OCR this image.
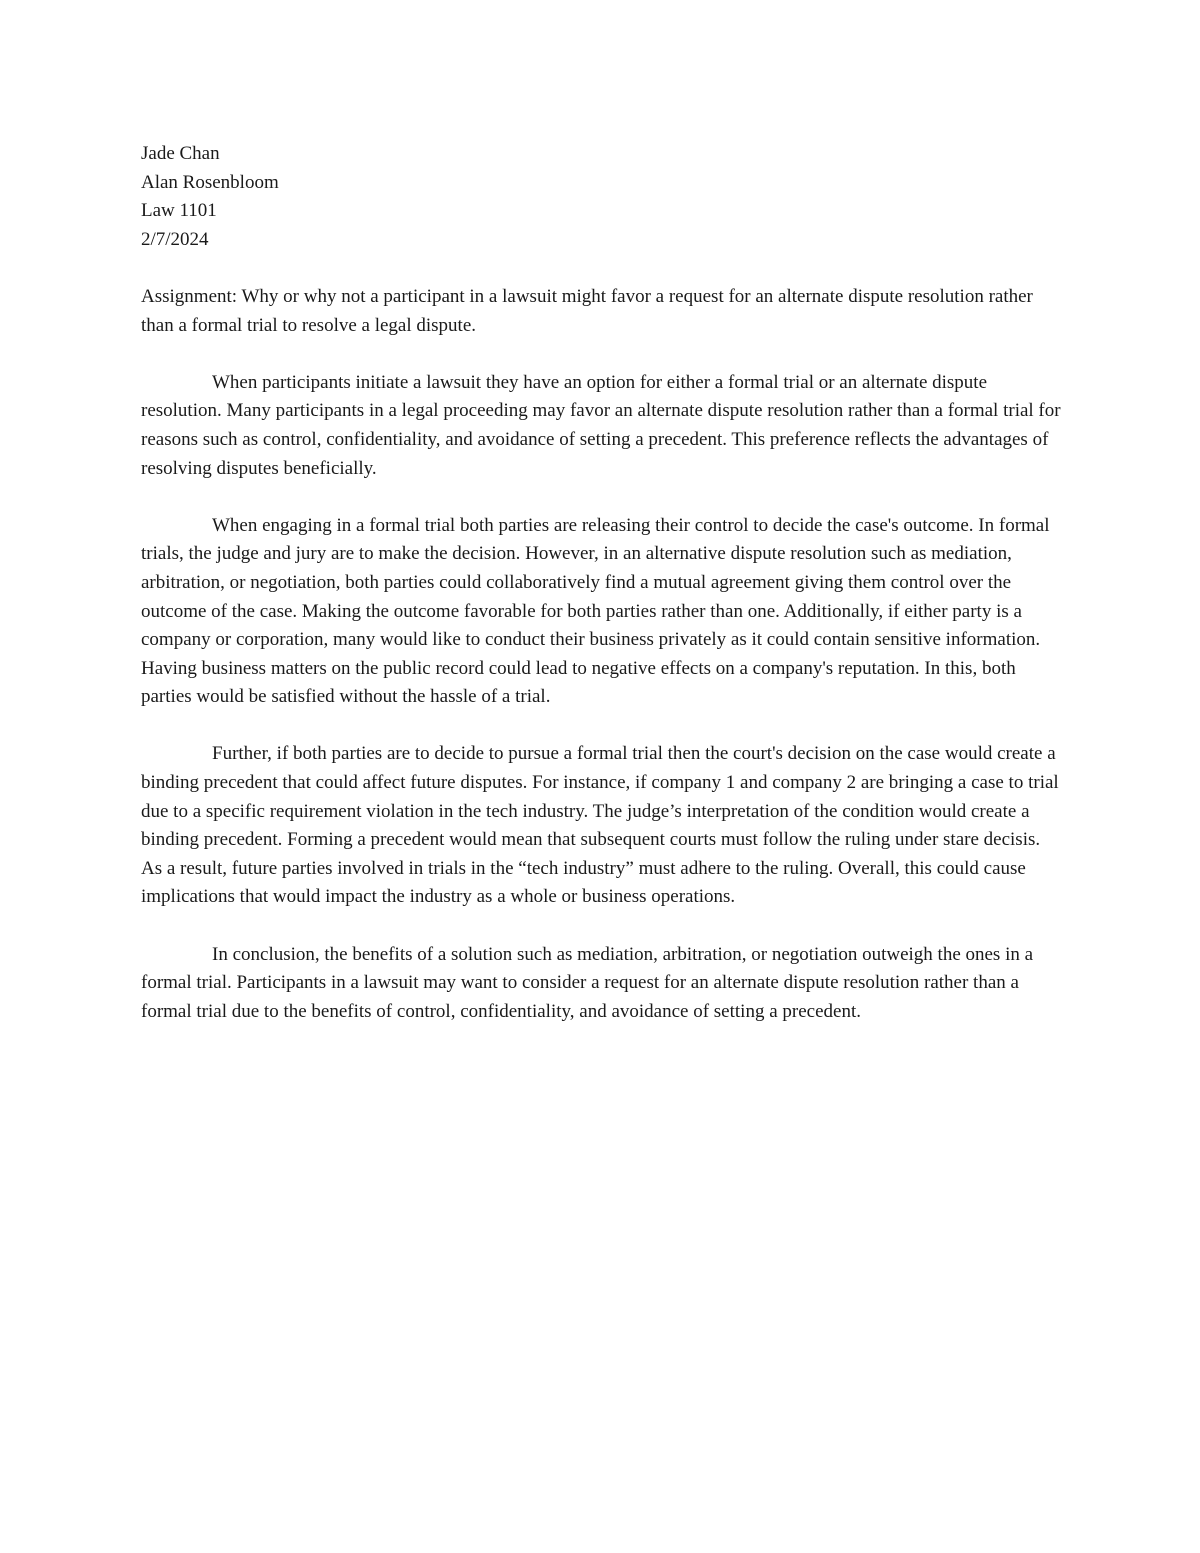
Jade Chan

Alan Rosenbloom

Law 1101

2/7/2024

Assignment: Why or why not a participant in a lawsuit might favor a request for an alternate dispute resolution rather than a formal trial to resolve a legal dispute.

When participants initiate a lawsuit they have an option for either a formal trial or an alternate dispute resolution. Many participants in a legal proceeding may favor an alternate dispute resolution rather than a formal trial for reasons such as control, confidentiality, and avoidance of setting a precedent. This preference reflects the advantages of resolving disputes beneficially.

When engaging in a formal trial both parties are releasing their control to decide the case's outcome. In formal trials, the judge and jury are to make the decision. However, in an alternative dispute resolution such as mediation, arbitration, or negotiation, both parties could collaboratively find a mutual agreement giving them control over the outcome of the case. Making the outcome favorable for both parties rather than one. Additionally, if either party is a company or corporation, many would like to conduct their business privately as it could contain sensitive information. Having business matters on the public record could lead to negative effects on a company's reputation. In this, both parties would be satisfied without the hassle of a trial.

Further, if both parties are to decide to pursue a formal trial then the court's decision on the case would create a binding precedent that could affect future disputes. For instance, if company 1 and company 2 are bringing a case to trial due to a specific requirement violation in the tech industry. The judge’s interpretation of the condition would create a binding precedent. Forming a precedent would mean that subsequent courts must follow the ruling under stare decisis. As a result, future parties involved in trials in the “tech industry” must adhere to the ruling. Overall, this could cause implications that would impact the industry as a whole or business operations.

In conclusion, the benefits of a solution such as mediation, arbitration, or negotiation outweigh the ones in a formal trial. Participants in a lawsuit may want to consider a request for an alternate dispute resolution rather than a formal trial due to the benefits of control, confidentiality, and avoidance of setting a precedent.
